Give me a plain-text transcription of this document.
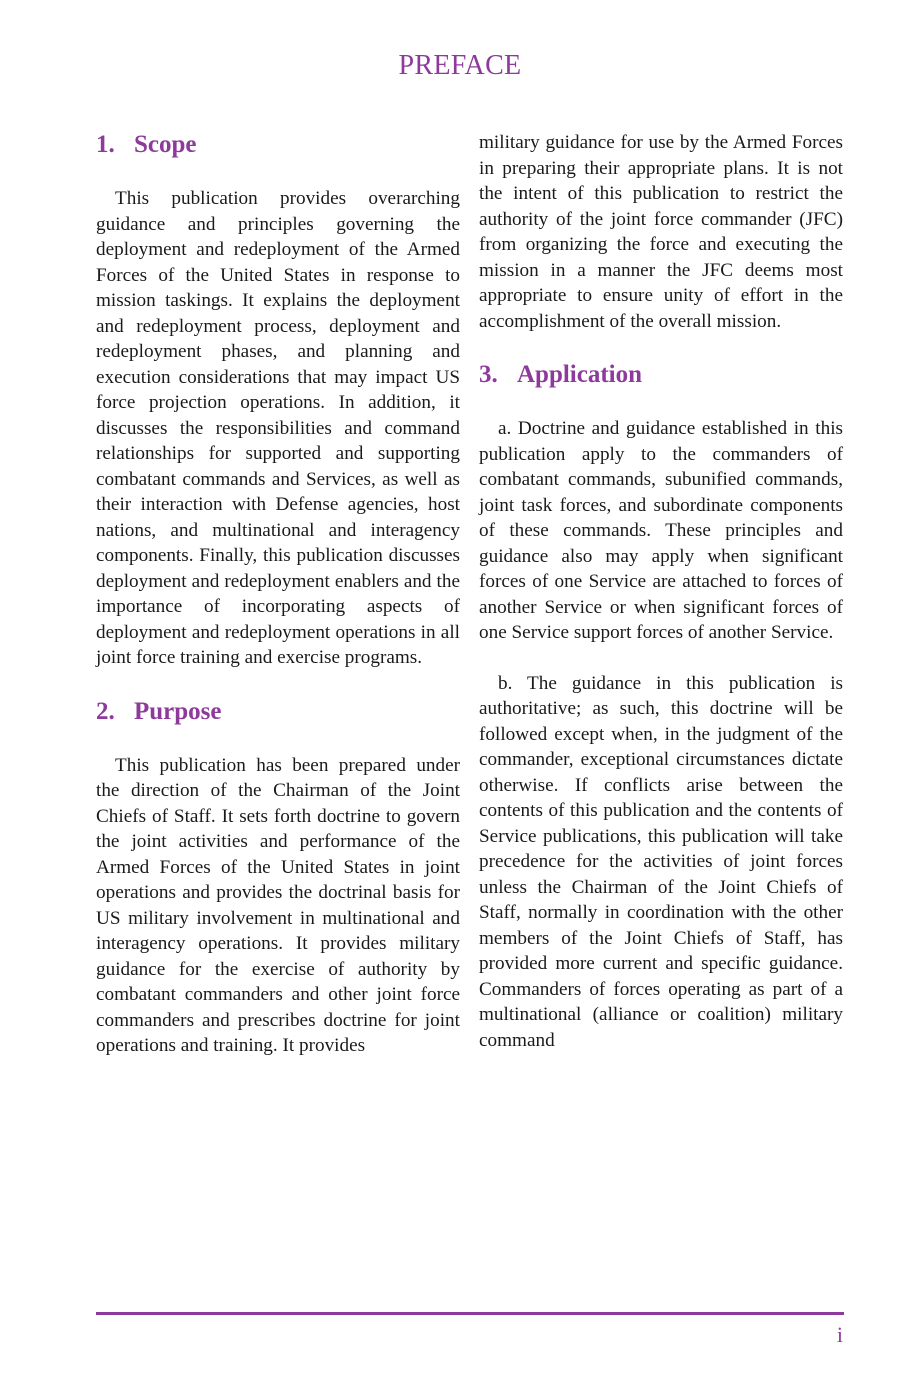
PREFACE
1. Scope

This publication provides overarching guidance and principles governing the deployment and redeployment of the Armed Forces of the United States in response to mission taskings. It explains the deployment and redeployment process, deployment and redeployment phases, and planning and execution considerations that may impact US force projection operations. In addition, it discusses the responsibilities and command relationships for supported and supporting combatant commands and Services, as well as their interaction with Defense agencies, host nations, and multinational and interagency components. Finally, this publication discusses deployment and redeployment enablers and the importance of incorporating aspects of deployment and redeployment operations in all joint force training and exercise programs.

2. Purpose

This publication has been prepared under the direction of the Chairman of the Joint Chiefs of Staff. It sets forth doctrine to govern the joint activities and performance of the Armed Forces of the United States in joint operations and provides the doctrinal basis for US military involvement in multinational and interagency operations. It provides military guidance for the exercise of authority by combatant commanders and other joint force commanders and prescribes doctrine for joint operations and training. It provides

military guidance for use by the Armed Forces in preparing their appropriate plans. It is not the intent of this publication to restrict the authority of the joint force commander (JFC) from organizing the force and executing the mission in a manner the JFC deems most appropriate to ensure unity of effort in the accomplishment of the overall mission.

3. Application

a. Doctrine and guidance established in this publication apply to the commanders of combatant commands, subunified commands, joint task forces, and subordinate components of these commands. These principles and guidance also may apply when significant forces of one Service are attached to forces of another Service or when significant forces of one Service support forces of another Service.

b. The guidance in this publication is authoritative; as such, this doctrine will be followed except when, in the judgment of the commander, exceptional circumstances dictate otherwise. If conflicts arise between the contents of this publication and the contents of Service publications, this publication will take precedence for the activities of joint forces unless the Chairman of the Joint Chiefs of Staff, normally in coordination with the other members of the Joint Chiefs of Staff, has provided more current and specific guidance. Commanders of forces operating as part of a multinational (alliance or coalition) military command

i
